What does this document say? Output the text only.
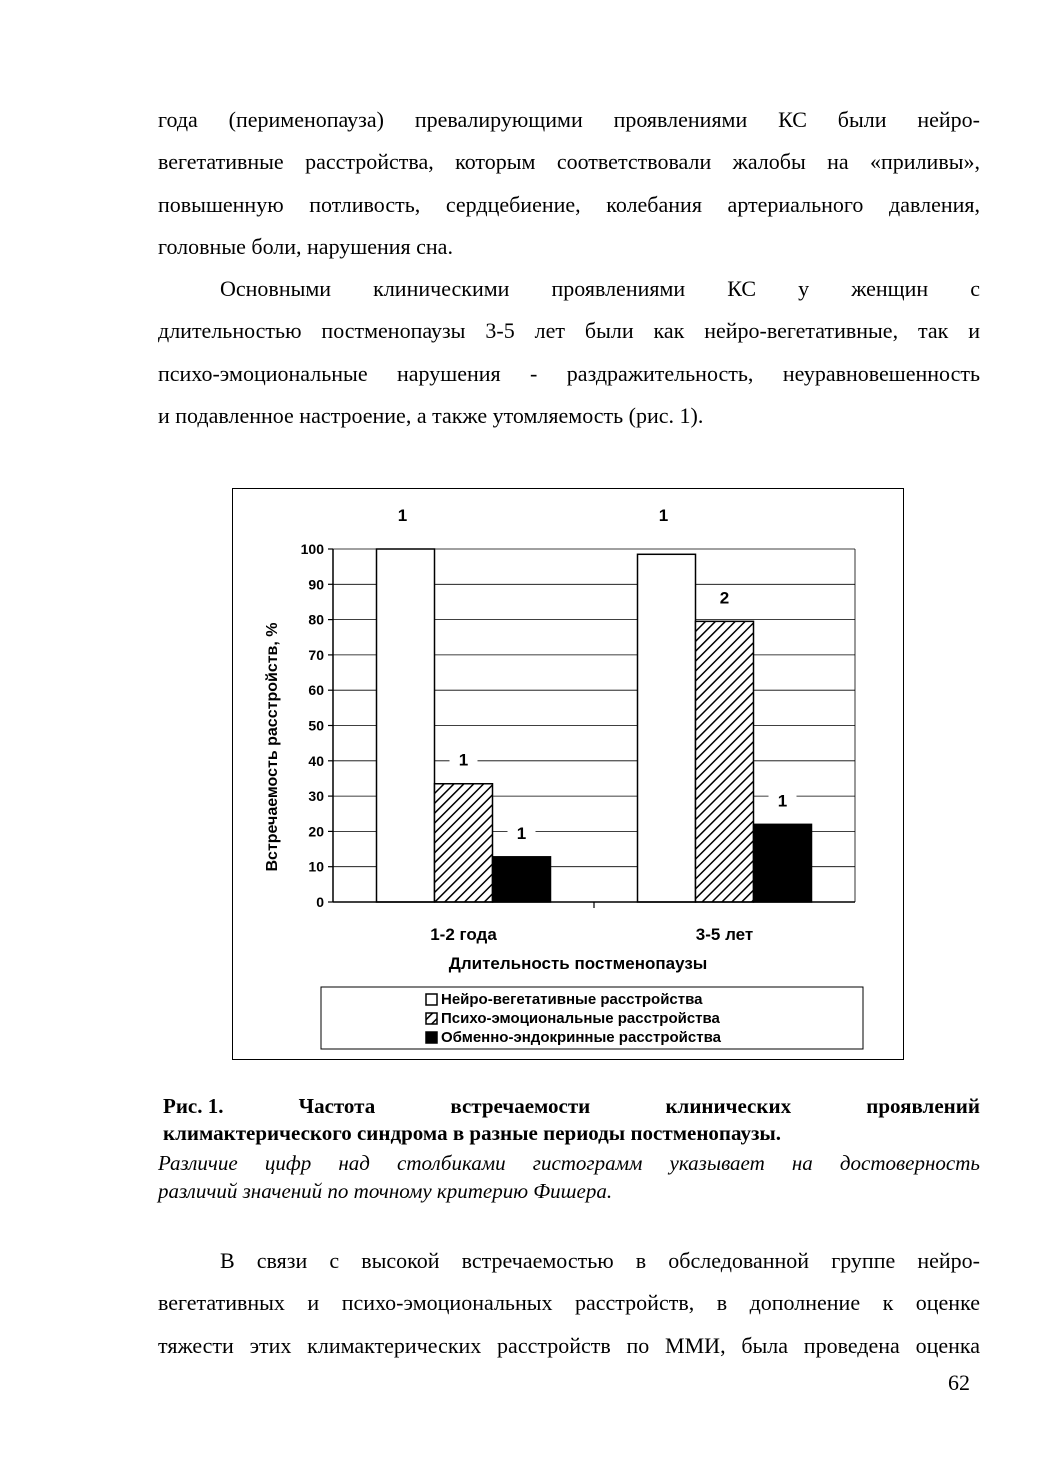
года (перименопауза) превалирующими проявлениями КС были нейро-
вегетативные расстройства, которым соответствовали жалобы на «приливы»,
повышенную потливость, сердцебиение, колебания артериального давления,
головные боли, нарушения сна.
Основными клиническими проявлениями КС у женщин с
длительностью постменопаузы 3-5 лет были как нейро-вегетативные, так и
психо-эмоциональные нарушения - раздражительность, неуравновешенность
и подавленное настроение, а также утомляемость (рис. 1).
0
10
20
30
40
50
60
70
80
90
100
1-2 года
1
1
1
3-5 лет
1
2
1
Встречаемость расстройств, %
Длительность постменопаузы
Нейро-вегетативные расстройства
Психо-эмоциональные расстройства
Обменно-эндокринные расстройства
Рис. 1.	Частота	встречаемости	клинических	проявлений
климактерического синдрома в разные периоды постменопаузы.
Различие цифр над столбиками гистограмм указывает на достоверность
различий значений по точному критерию Фишера.
В связи с высокой встречаемостью в обследованной группе нейро-
вегетативных и психо-эмоциональных расстройств, в дополнение к оценке
тяжести этих климактерических расстройств по ММИ, была проведена оценка
62
